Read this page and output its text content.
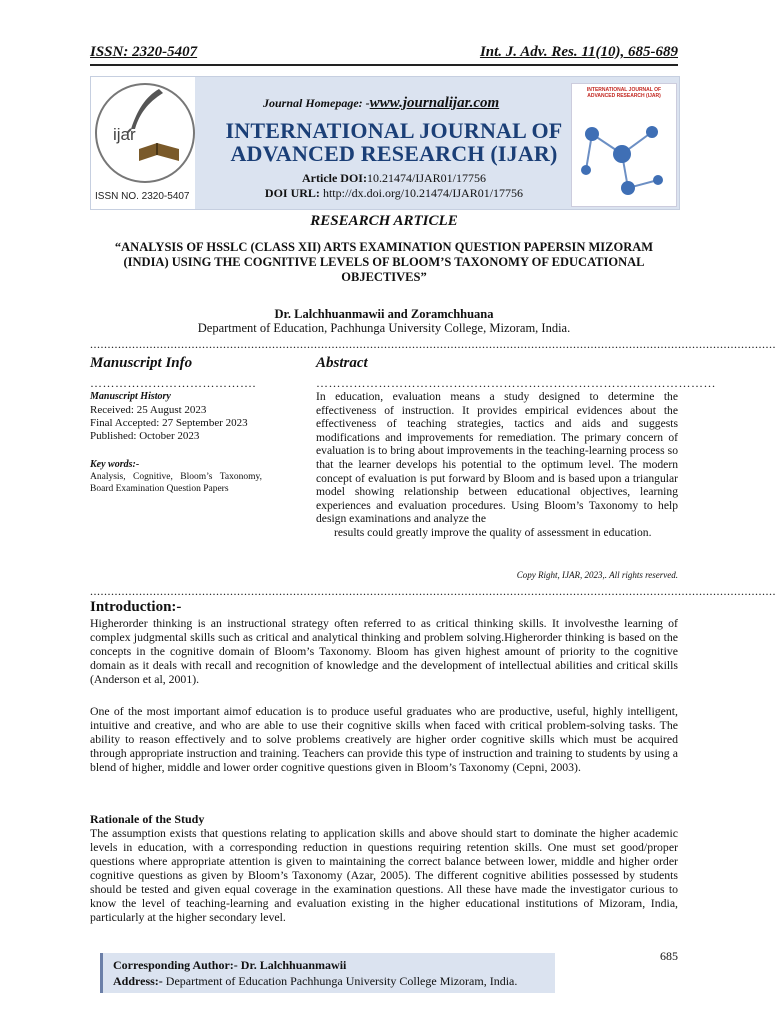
ISSN: 2320-5407	Int. J. Adv. Res. 11(10), 685-689
ijar
ISSN NO. 2320-5407
Journal Homepage: -www.journalijar.com
INTERNATIONAL JOURNAL OF ADVANCED RESEARCH (IJAR)
Article DOI:10.21474/IJAR01/17756
DOI URL: http://dx.doi.org/10.21474/IJAR01/17756
INTERNATIONAL JOURNAL OF ADVANCED RESEARCH (IJAR)
RESEARCH ARTICLE
“ANALYSIS OF HSSLC (CLASS XII) ARTS EXAMINATION QUESTION PAPERSIN MIZORAM (INDIA) USING THE COGNITIVE LEVELS OF BLOOM’S TAXONOMY OF EDUCATIONAL OBJECTIVES”
Dr. Lalchhuanmawii and Zoramchhuana
Department of Education, Pachhunga University College, Mizoram, India.
....................................................................................................................................................................................................
Manuscript Info	Abstract
………………………………….	……………………………………………………………………………………
Manuscript History
Received: 25 August 2023
Final Accepted: 27 September 2023
Published: October 2023
Key words:-
Analysis, Cognitive, Bloom’s Taxonomy, Board Examination Question Papers
In education, evaluation means a study designed to determine the effectiveness of instruction. It provides empirical evidences about the effectiveness of teaching strategies, tactics and aids and suggests modifications and improvements for remediation. The primary concern of evaluation is to bring about improvements in the teaching-learning process so that the learner develops his potential to the optimum level. The modern concept of evaluation is put forward by Bloom and is based upon a triangular model showing relationship between educational objectives, learning experiences and evaluation procedures. Using Bloom’s Taxonomy to help design examinations and analyze the
results could greatly improve the quality of assessment in education.
Copy Right, IJAR, 2023,. All rights reserved.
....................................................................................................................................................................................................
Introduction:-
Higherorder thinking is an instructional strategy often referred to as critical thinking skills. It involvesthe learning of complex judgmental skills such as critical and analytical thinking and problem solving.Higherorder thinking is based on the concepts in the cognitive domain of Bloom’s Taxonomy. Bloom has given highest amount of priority to the cognitive domain as it deals with recall and recognition of knowledge and the development of intellectual abilities and critical skills (Anderson et al, 2001).
One of the most important aimof education is to produce useful graduates who are productive, useful, highly intelligent, intuitive and creative, and who are able to use their cognitive skills when faced with critical problem-solving tasks. The ability to reason effectively and to solve problems creatively are higher order cognitive skills which must be acquired through appropriate instruction and training. Teachers can provide this type of instruction and training to students by using a blend of higher, middle and lower order cognitive questions given in Bloom’s Taxonomy (Cepni, 2003).
Rationale of the Study
The assumption exists that questions relating to application skills and above should start to dominate the higher academic levels in education, with a corresponding reduction in questions requiring retention skills. One must set good/proper questions where appropriate attention is given to maintaining the correct balance between lower, middle and higher order cognitive questions as given by Bloom’s Taxonomy (Azar, 2005). The different cognitive abilities possessed by students should be tested and given equal coverage in the examination questions. All these have made the investigator curious to know the level of teaching-learning and evaluation existing in the higher educational institutions of Mizoram, India, particularly at the higher secondary level.
685
Corresponding Author:- Dr. Lalchhuanmawii
Address:- Department of Education Pachhunga University College Mizoram, India.
